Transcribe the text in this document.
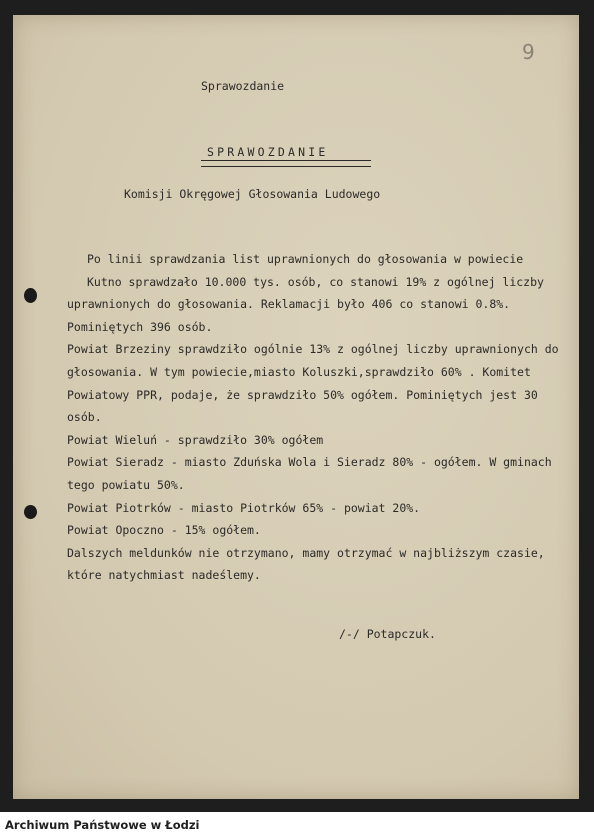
9
Sprawozdanie
SPRAWOZDANIE
Komisji Okręgowej Głosowania Ludowego
Po linii sprawdzania list uprawnionych do głosowania w powiecie
Kutno sprawdzało 10.000 tys. osób, co stanowi 19% z ogólnej liczby
uprawnionych do głosowania. Reklamacji było 406 co stanowi 0.8%.
Pominiętych 396 osób.
Powiat Brzeziny sprawdziło ogólnie 13% z ogólnej liczby uprawnionych do
głosowania. W tym powiecie,miasto Koluszki,sprawdziło 60% . Komitet
Powiatowy PPR, podaje, że sprawdziło 50% ogółem. Pominiętych jest 30
osób.
Powiat Wieluń - sprawdziło 30% ogółem
Powiat Sieradz - miasto Zduńska Wola i Sieradz 80% - ogółem. W gminach
tego powiatu 50%.
Powiat Piotrków - miasto Piotrków 65% - powiat 20%.
Powiat Opoczno - 15% ogółem.
Dalszych meldunków nie otrzymano, mamy otrzymać w najbliższym czasie,
które natychmiast nadeślemy.
/-/ Potapczuk.
Archiwum Państwowe w Łodzi
